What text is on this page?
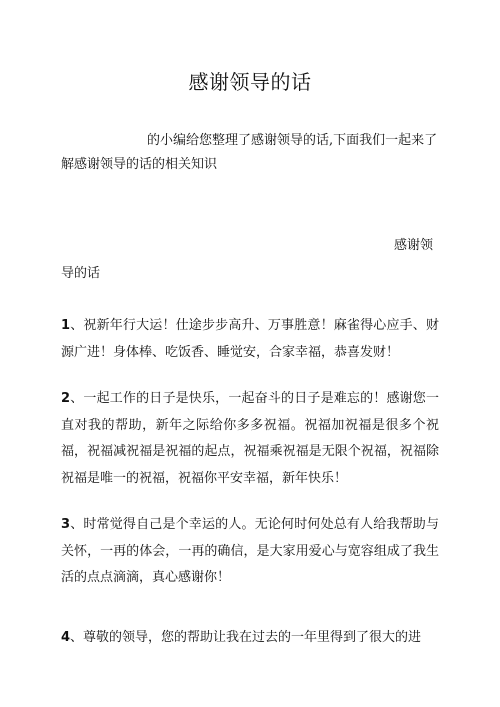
感谢领导的话
的小编给您整理了感谢领导的话,下面我们一起来了解感谢领导的话的相关知识
感谢领导的话
1、祝新年行大运！仕途步步高升、万事胜意！麻雀得心应手、财源广进！身体棒、吃饭香、睡觉安，合家幸福，恭喜发财！
2、一起工作的日子是快乐，一起奋斗的日子是难忘的！感谢您一直对我的帮助，新年之际给你多多祝福。祝福加祝福是很多个祝福，祝福减祝福是祝福的起点，祝福乘祝福是无限个祝福，祝福除祝福是唯一的祝福，祝福你平安幸福，新年快乐！
3、时常觉得自己是个幸运的人。无论何时何处总有人给我帮助与关怀，一再的体会，一再的确信，是大家用爱心与宽容组成了我生活的点点滴滴，真心感谢你！
4、尊敬的领导，您的帮助让我在过去的一年里得到了很大的进
